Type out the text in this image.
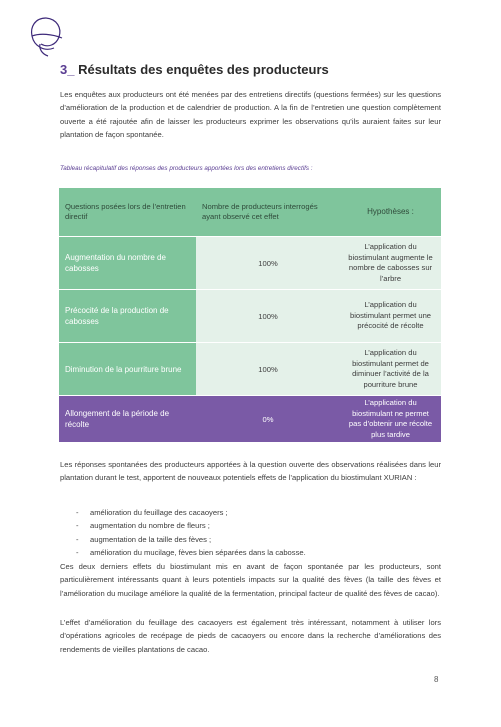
3_ Résultats des enquêtes des producteurs
Les enquêtes aux producteurs ont été menées par des entretiens directifs (questions fermées) sur les questions d’amélioration de la production et de calendrier de production. A la fin de l’entretien une question complètement ouverte a été rajoutée afin de laisser les producteurs exprimer les observations qu’ils auraient faites sur leur plantation de façon spontanée.
Tableau récapitulatif des réponses des producteurs apportées lors des entretiens directifs :
Questions posées lors de l’entretien directif	Nombre de producteurs interrogés ayant observé cet effet	Hypothèses :
Augmentation du nombre de cabosses	100%	L’application du biostimulant augmente le nombre de cabosses sur l’arbre
Précocité de la production de cabosses	100%	L’application du biostimulant permet une précocité de récolte
Diminution de la pourriture brune	100%	L’application du biostimulant permet de diminuer l’activité de la pourriture brune
Allongement de la période de récolte	0%	L’application du biostimulant ne permet pas d’obtenir une récolte plus tardive
Les réponses spontanées des producteurs apportées à la question ouverte des observations réalisées dans leur plantation durant le test, apportent de nouveaux potentiels effets de l’application du biostimulant XURIAN :
- amélioration du feuillage des cacaoyers ;
- augmentation du nombre de fleurs ;
- augmentation de la taille des fèves ;
- amélioration du mucilage, fèves bien séparées dans la cabosse.
Ces deux derniers effets du biostimulant mis en avant de façon spontanée par les producteurs, sont particulièrement intéressants quant à leurs potentiels impacts sur la qualité des fèves (la taille des fèves et l’amélioration du mucilage améliore la qualité de la fermentation, principal facteur de qualité des fèves de cacao).
L’effet d’amélioration du feuillage des cacaoyers est également très intéressant, notamment à utiliser lors d’opérations agricoles de recépage de pieds de cacaoyers ou encore dans la recherche d’améliorations des rendements de vieilles plantations de cacao.
8
